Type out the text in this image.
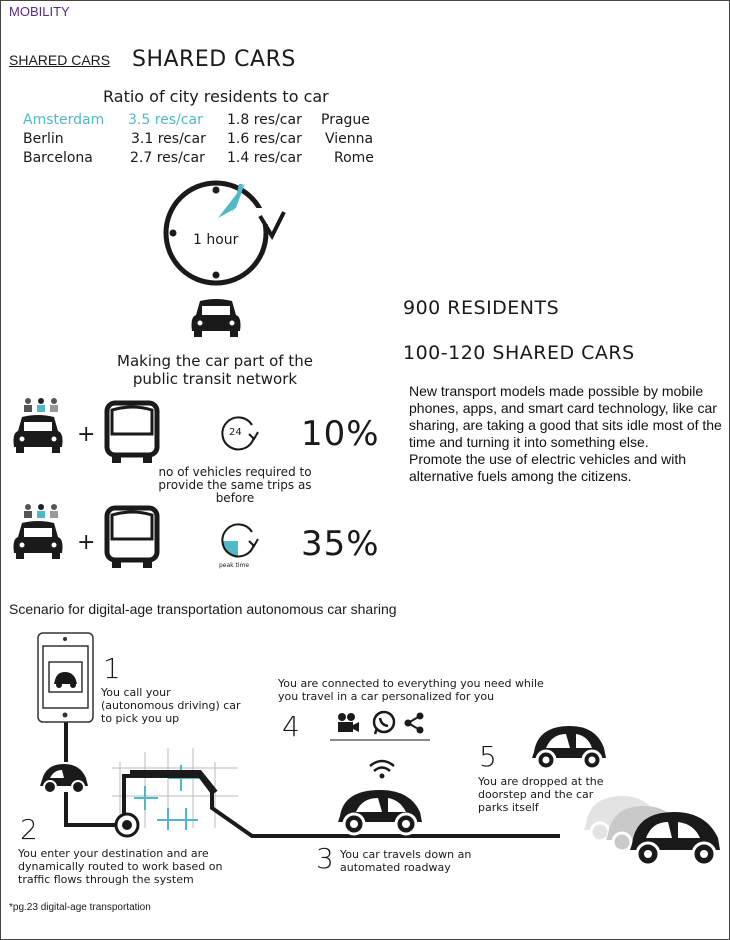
MOBILITY
SHARED CARS SHARED CARS
Ratio of city residents to car
Amsterdam 3.5 res/car 1.8 res/car Prague
Berlin	3.1 res/car 1.6 res/car Vienna
Barcelona	2.7 res/car 1.4 res/car Rome
1 hour
Making the car part of the public transit network
900 RESIDENTS
100-120 SHARED CARS

New transport models made possible by mobile phones, apps, and smart card technology, like car sharing, are taking a good that sits idle most of the time and turning it into something else.

Promote the use of electric vehicles and with alternative fuels among the citizens.

+	24 10%
no of vehicles required to provide the same trips as before
+
peak time
35%
Scenario for digital-age transportation autonomous car sharing
1
You call your (autonomous driving) car to pick you up
2
You enter your destination and are dynamically routed to work based on traffic flows through the system
3 You car travels down an automated roadway
You are connected to everything you need while you travel in a car personalized for you
4
5
You are dropped at the doorstep and the car parks itself
*pg.23 digital-age transportation
